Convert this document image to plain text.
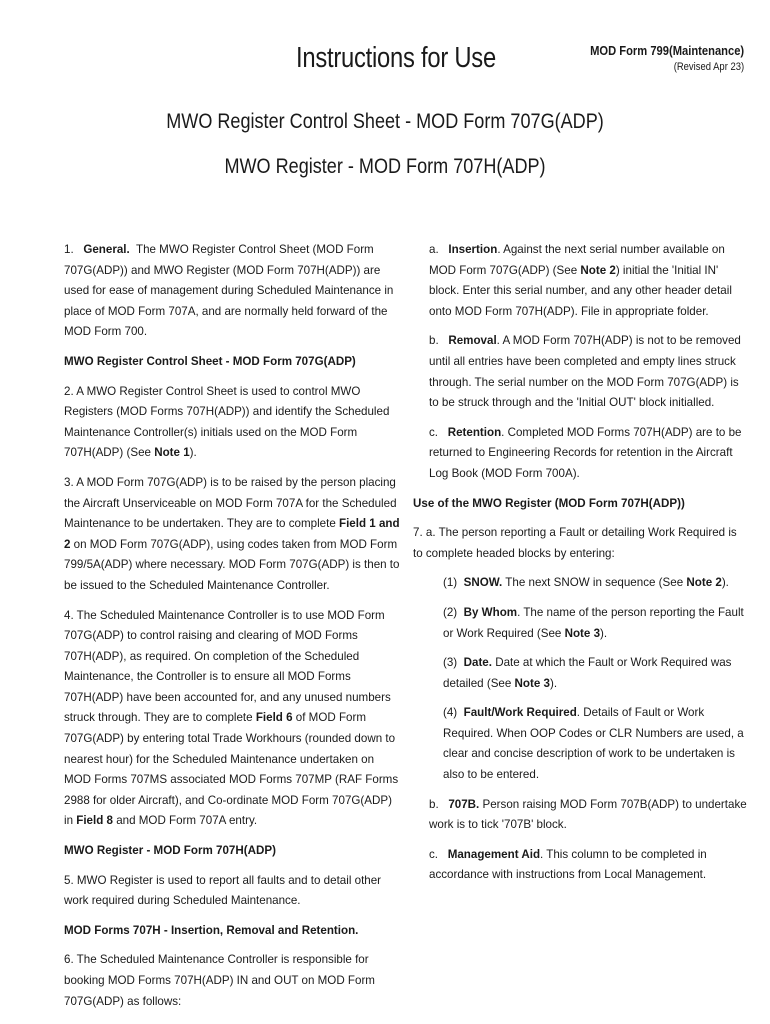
Instructions for Use	MOD Form 799(Maintenance)
(Revised Apr 23)
MWO Register Control Sheet - MOD Form 707G(ADP)
MWO Register - MOD Form 707H(ADP)

1. General. The MWO Register Control Sheet (MOD Form 707G(ADP)) and MWO Register (MOD Form 707H(ADP)) are used for ease of management during Scheduled Maintenance in place of MOD Form 707A, and are normally held forward of the MOD Form 700.

MWO Register Control Sheet - MOD Form 707G(ADP)

2. A MWO Register Control Sheet is used to control MWO Registers (MOD Forms 707H(ADP)) and identify the Scheduled Maintenance Controller(s) initials used on the MOD Form 707H(ADP) (See Note 1).

3. A MOD Form 707G(ADP) is to be raised by the person placing the Aircraft Unserviceable on MOD Form 707A for the Scheduled Maintenance to be undertaken. They are to complete Field 1 and 2 on MOD Form 707G(ADP), using codes taken from MOD Form 799/5A(ADP) where necessary. MOD Form 707G(ADP) is then to be issued to the Scheduled Maintenance Controller.

4. The Scheduled Maintenance Controller is to use MOD Form 707G(ADP) to control raising and clearing of MOD Forms 707H(ADP), as required. On completion of the Scheduled Maintenance, the Controller is to ensure all MOD Forms 707H(ADP) have been accounted for, and any unused numbers struck through. They are to complete Field 6 of MOD Form 707G(ADP) by entering total Trade Workhours (rounded down to nearest hour) for the Scheduled Maintenance undertaken on MOD Forms 707MS associated MOD Forms 707MP (RAF Forms 2988 for older Aircraft), and Co-ordinate MOD Form 707G(ADP) in Field 8 and MOD Form 707A entry.

MWO Register - MOD Form 707H(ADP)

5. MWO Register is used to report all faults and to detail other work required during Scheduled Maintenance.

MOD Forms 707H - Insertion, Removal and Retention.

6. The Scheduled Maintenance Controller is responsible for booking MOD Forms 707H(ADP) IN and OUT on MOD Form 707G(ADP) as follows:

a. Insertion. Against the next serial number available on MOD Form 707G(ADP) (See Note 2) initial the 'Initial IN' block. Enter this serial number, and any other header detail onto MOD Form 707H(ADP). File in appropriate folder.

b. Removal. A MOD Form 707H(ADP) is not to be removed until all entries have been completed and empty lines struck through. The serial number on the MOD Form 707G(ADP) is to be struck through and the 'Initial OUT' block initialled.

c. Retention. Completed MOD Forms 707H(ADP) are to be returned to Engineering Records for retention in the Aircraft Log Book (MOD Form 700A).

Use of the MWO Register (MOD Form 707H(ADP))

7. a. The person reporting a Fault or detailing Work Required is to complete headed blocks by entering:

(1) SNOW. The next SNOW in sequence (See Note 2).

(2) By Whom. The name of the person reporting the Fault or Work Required (See Note 3).

(3) Date. Date at which the Fault or Work Required was detailed (See Note 3).

(4) Fault/Work Required. Details of Fault or Work Required. When OOP Codes or CLR Numbers are used, a clear and concise description of work to be undertaken is also to be entered.

b. 707B. Person raising MOD Form 707B(ADP) to undertake work is to tick '707B' block.

c. Management Aid. This column to be completed in accordance with instructions from Local Management.
